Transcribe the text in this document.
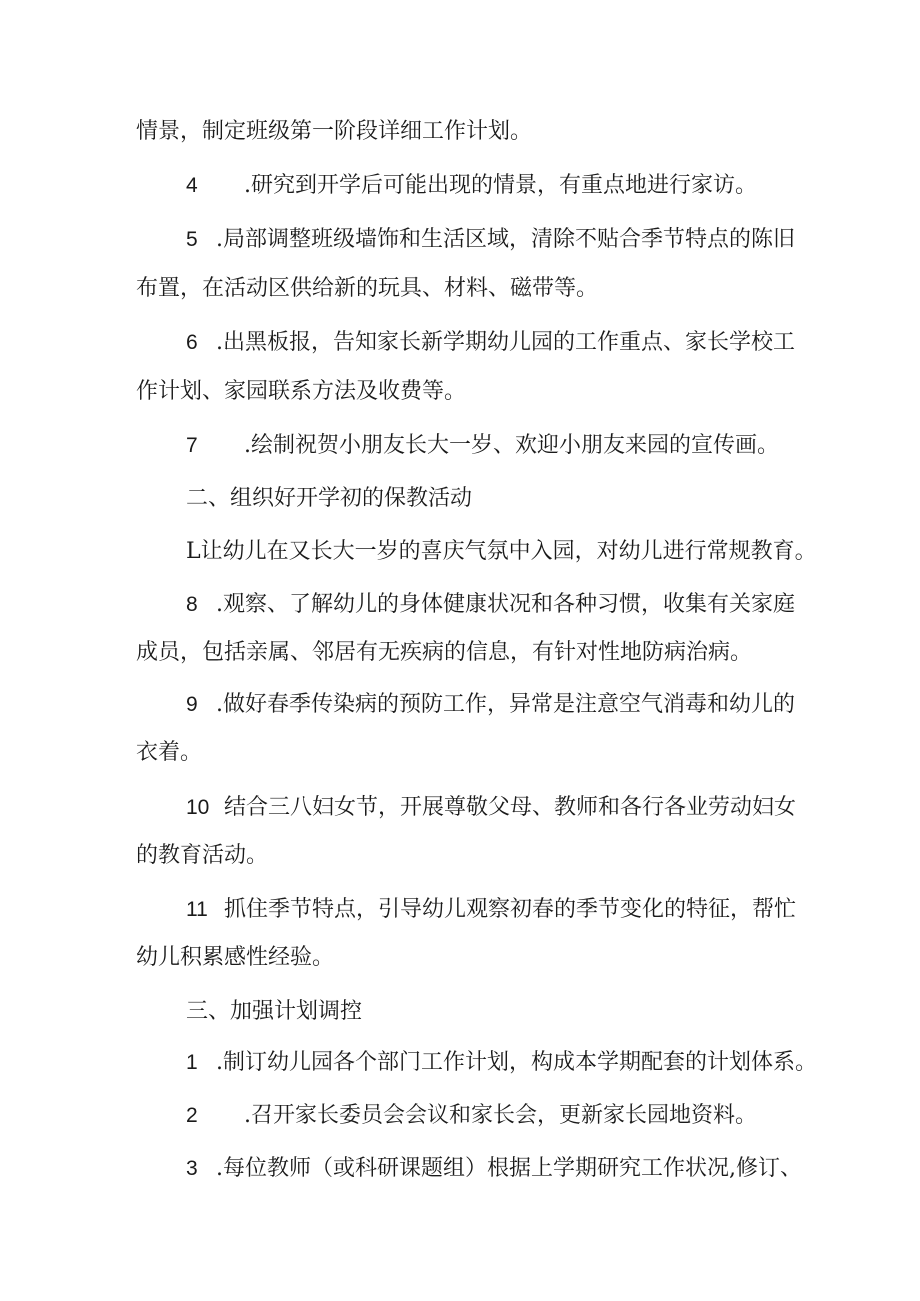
情景，制定班级第一阶段详细工作计划。
4 .研究到开学后可能出现的情景，有重点地进行家访。
5 .局部调整班级墙饰和生活区域，清除不贴合季节特点的陈旧
布置，在活动区供给新的玩具、材料、磁带等。
6 .出黑板报，告知家长新学期幼儿园的工作重点、家长学校工
作计划、家园联系方法及收费等。
7 .绘制祝贺小朋友长大一岁、欢迎小朋友来园的宣传画。
二、组织好开学初的保教活动
L让幼儿在又长大一岁的喜庆气氛中入园，对幼儿进行常规教育。
8 .观察、了解幼儿的身体健康状况和各种习惯，收集有关家庭
成员，包括亲属、邻居有无疾病的信息，有针对性地防病治病。
9 .做好春季传染病的预防工作，异常是注意空气消毒和幼儿的
衣着。
10 结合三八妇女节，开展尊敬父母、教师和各行各业劳动妇女
的教育活动。
11 抓住季节特点，引导幼儿观察初春的季节变化的特征，帮忙
幼儿积累感性经验。
三、加强计划调控
1 .制订幼儿园各个部门工作计划，构成本学期配套的计划体系。
2 .召开家长委员会会议和家长会，更新家长园地资料。
3 .每位教师（或科研课题组）根据上学期研究工作状况,修订、
